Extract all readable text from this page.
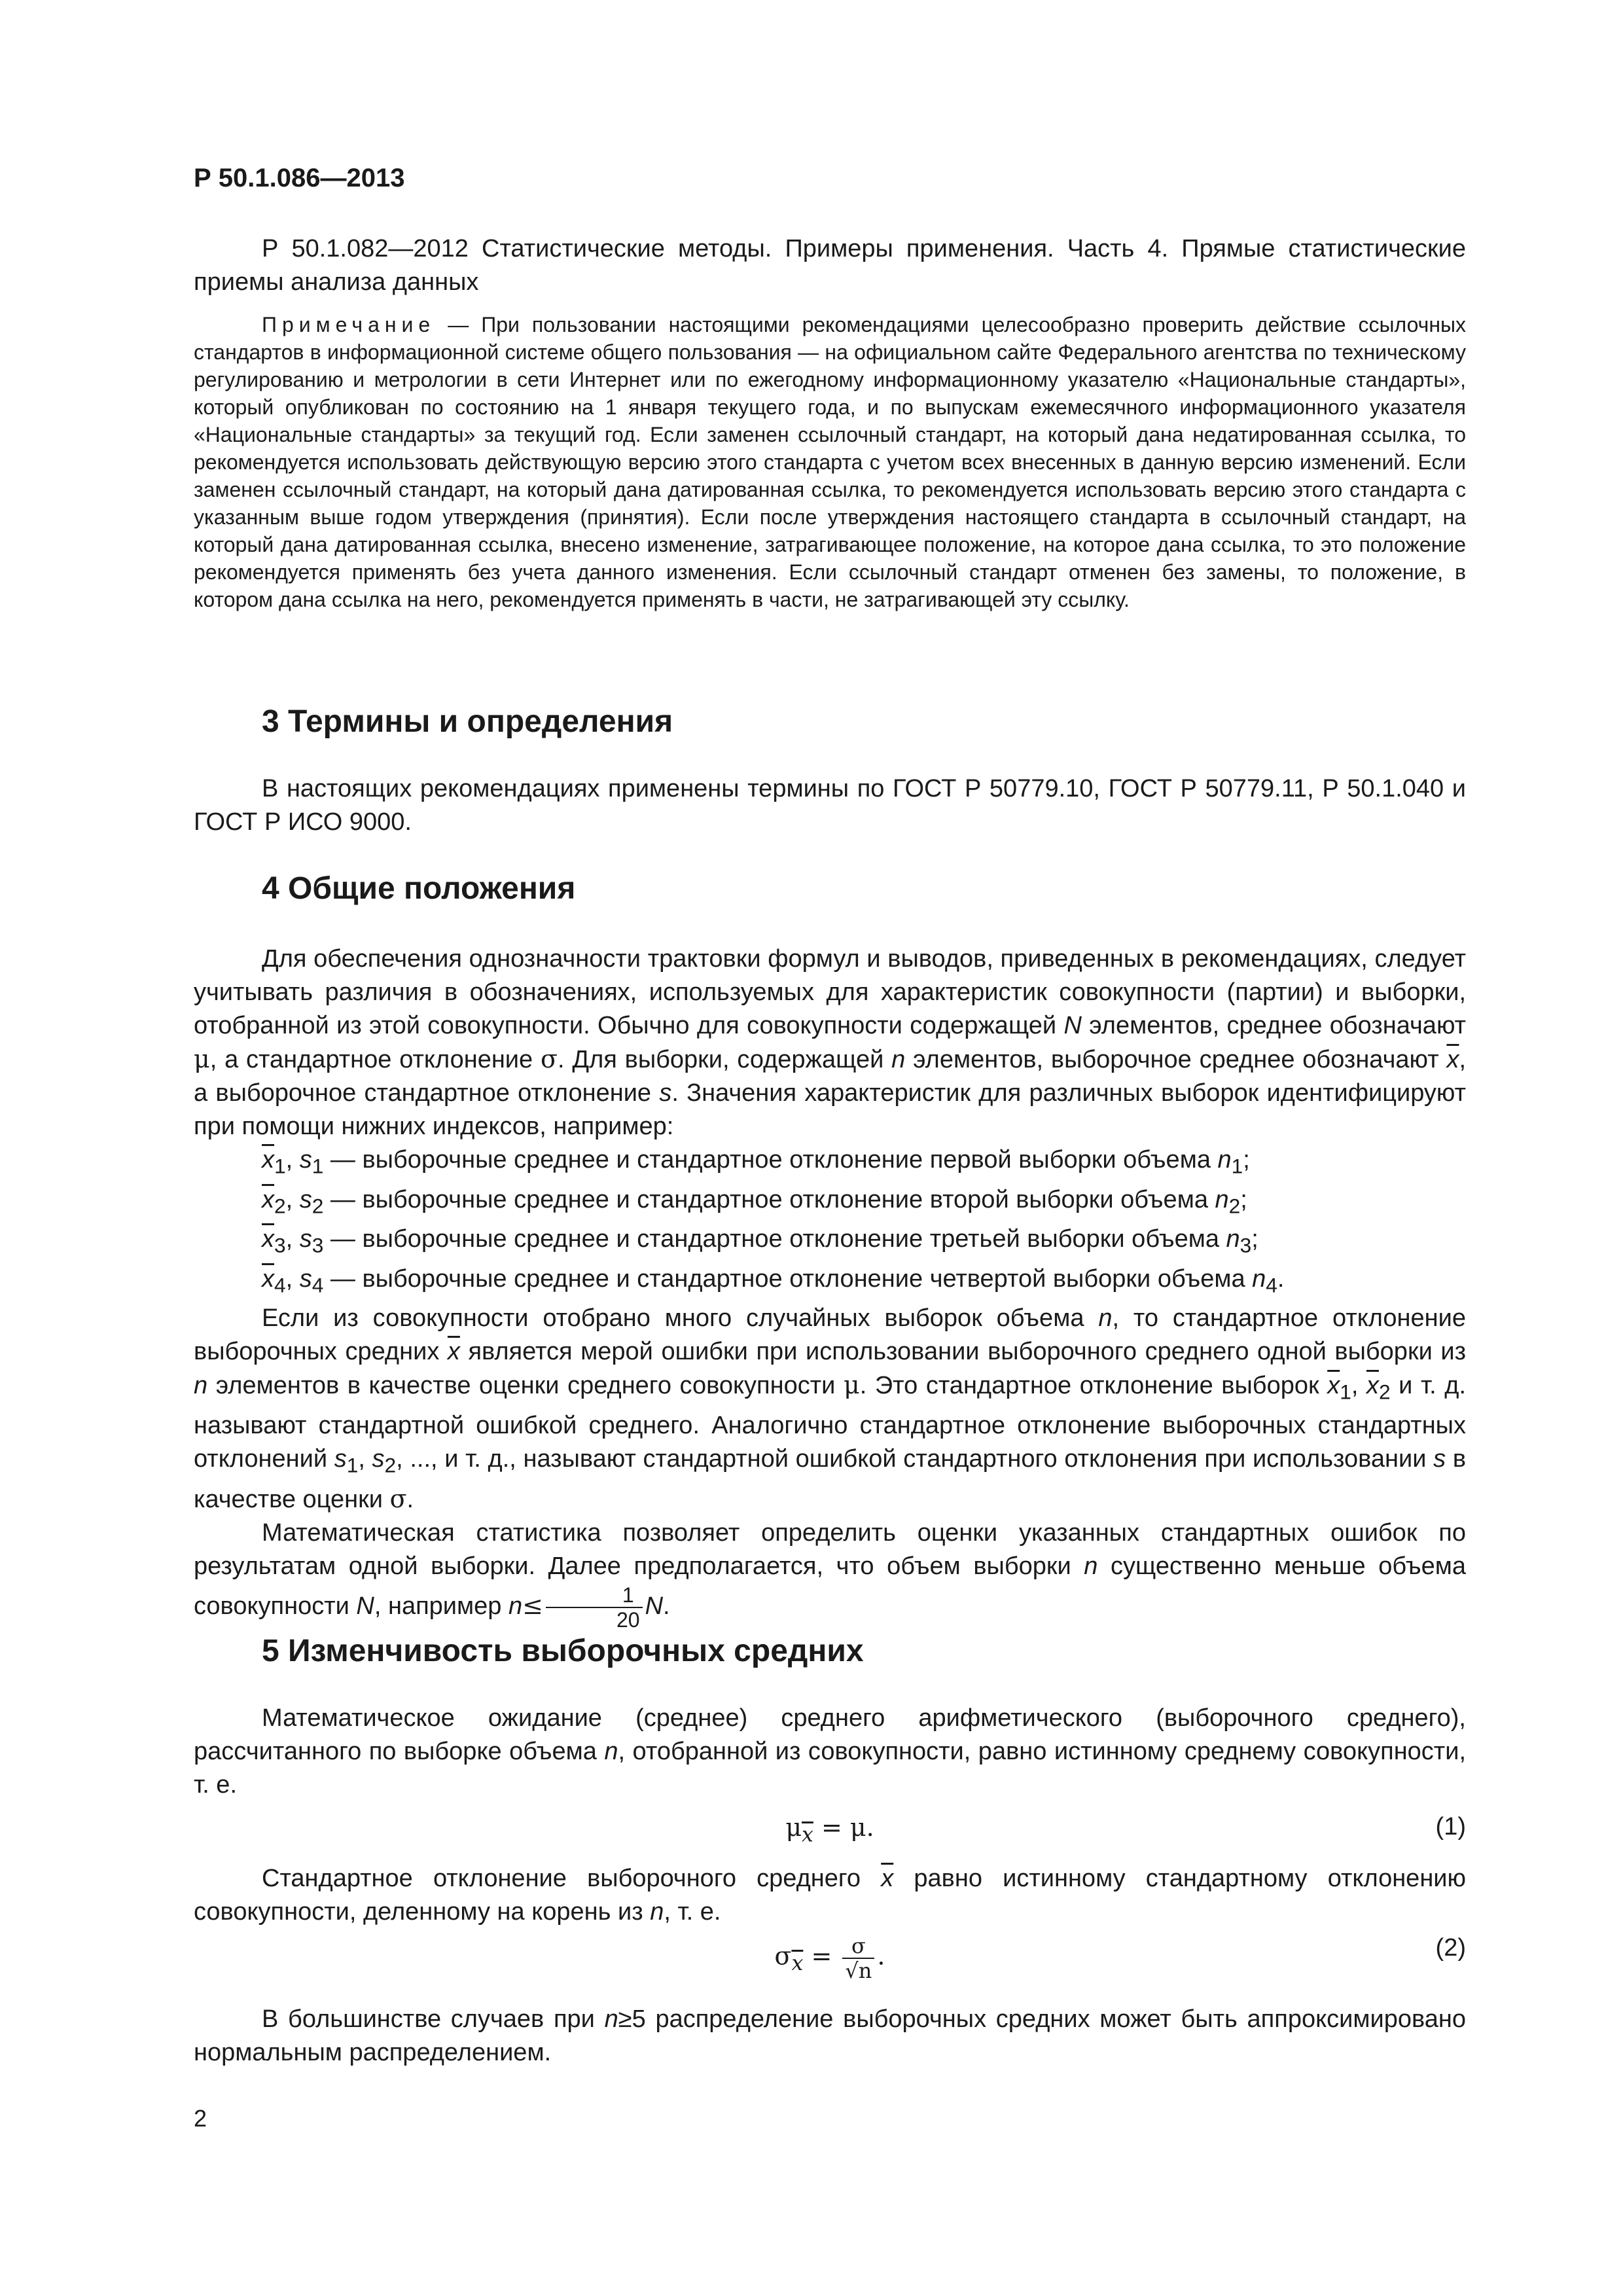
Р 50.1.086—2013

Р 50.1.082—2012 Статистические методы. Примеры применения. Часть 4. Прямые статистические приемы анализа данных

Примечание — При пользовании настоящими рекомендациями целесообразно проверить действие ссылочных стандартов в информационной системе общего пользования — на официальном сайте Федерального агентства по техническому регулированию и метрологии в сети Интернет или по ежегодному информационному указателю «Национальные стандарты», который опубликован по состоянию на 1 января текущего года, и по выпускам ежемесячного информационного указателя «Национальные стандарты» за текущий год. Если заменен ссылочный стандарт, на который дана недатированная ссылка, то рекомендуется использовать действующую версию этого стандарта с учетом всех внесенных в данную версию изменений. Если заменен ссылочный стандарт, на который дана датированная ссылка, то рекомендуется использовать версию этого стандарта с указанным выше годом утверждения (принятия). Если после утверждения настоящего стандарта в ссылочный стандарт, на который дана датированная ссылка, внесено изменение, затрагивающее положение, на которое дана ссылка, то это положение рекомендуется применять без учета данного изменения. Если ссылочный стандарт отменен без замены, то положение, в котором дана ссылка на него, рекомендуется применять в части, не затрагивающей эту ссылку.

3 Термины и определения

В настоящих рекомендациях применены термины по ГОСТ Р 50779.10, ГОСТ Р 50779.11, Р 50.1.040 и ГОСТ Р ИСО 9000.

4 Общие положения

Для обеспечения однозначности трактовки формул и выводов, приведенных в рекомендациях, следует учитывать различия в обозначениях, используемых для характеристик совокупности (партии) и выборки, отобранной из этой совокупности. Обычно для совокупности содержащей N элементов, среднее обозначают μ, а стандартное отклонение σ. Для выборки, содержащей n элементов, выборочное среднее обозначают $\overline{x}$, а выборочное стандартное отклонение s. Значения характеристик для различных выборок идентифицируют при помощи нижних индексов, например:

$\overline{x}_1$, $s_1$ — выборочные среднее и стандартное отклонение первой выборки объема $n_1$;
$\overline{x}_2$, $s_2$ — выборочные среднее и стандартное отклонение второй выборки объема $n_2$;
$\overline{x}_3$, $s_3$ — выборочные среднее и стандартное отклонение третьей выборки объема $n_3$;
$\overline{x}_4$, $s_4$ — выборочные среднее и стандартное отклонение четвертой выборки объема $n_4$.

Если из совокупности отобрано много случайных выборок объема n, то стандартное отклонение выборочных средних $\overline{x}$ является мерой ошибки при использовании выборочного среднего одной выборки из n элементов в качестве оценки среднего совокупности μ. Это стандартное отклонение выборок $\overline{x}_1$, $\overline{x}_2$ и т. д. называют стандартной ошибкой среднего. Аналогично стандартное отклонение выборочных стандартных отклонений $s_1$, $s_2$, ..., и т. д., называют стандартной ошибкой стандартного отклонения при использовании s в качестве оценки σ.

Математическая статистика позволяет определить оценки указанных стандартных ошибок по результатам одной выборки. Далее предполагается, что объем выборки n существенно меньше объема совокупности N, например $n\le \frac{1}{20} N$.

5 Изменчивость выборочных средних

Математическое ожидание (среднее) среднего арифметического (выборочного среднего), рассчитанного по выборке объема n, отобранной из совокупности, равно истинному среднему совокупности, т. е.

$\mu_{\overline{x}} = \mu$.	(1)

Стандартное отклонение выборочного среднего $\overline{x}$ равно истинному стандартному отклонению совокупности, деленному на корень из n, т. е.

$\sigma_{\overline{x}} = \frac{\sigma}{√n}$ .	(2)

В большинстве случаев при n≥5 распределение выборочных средних может быть аппроксимировано нормальным распределением.

2
